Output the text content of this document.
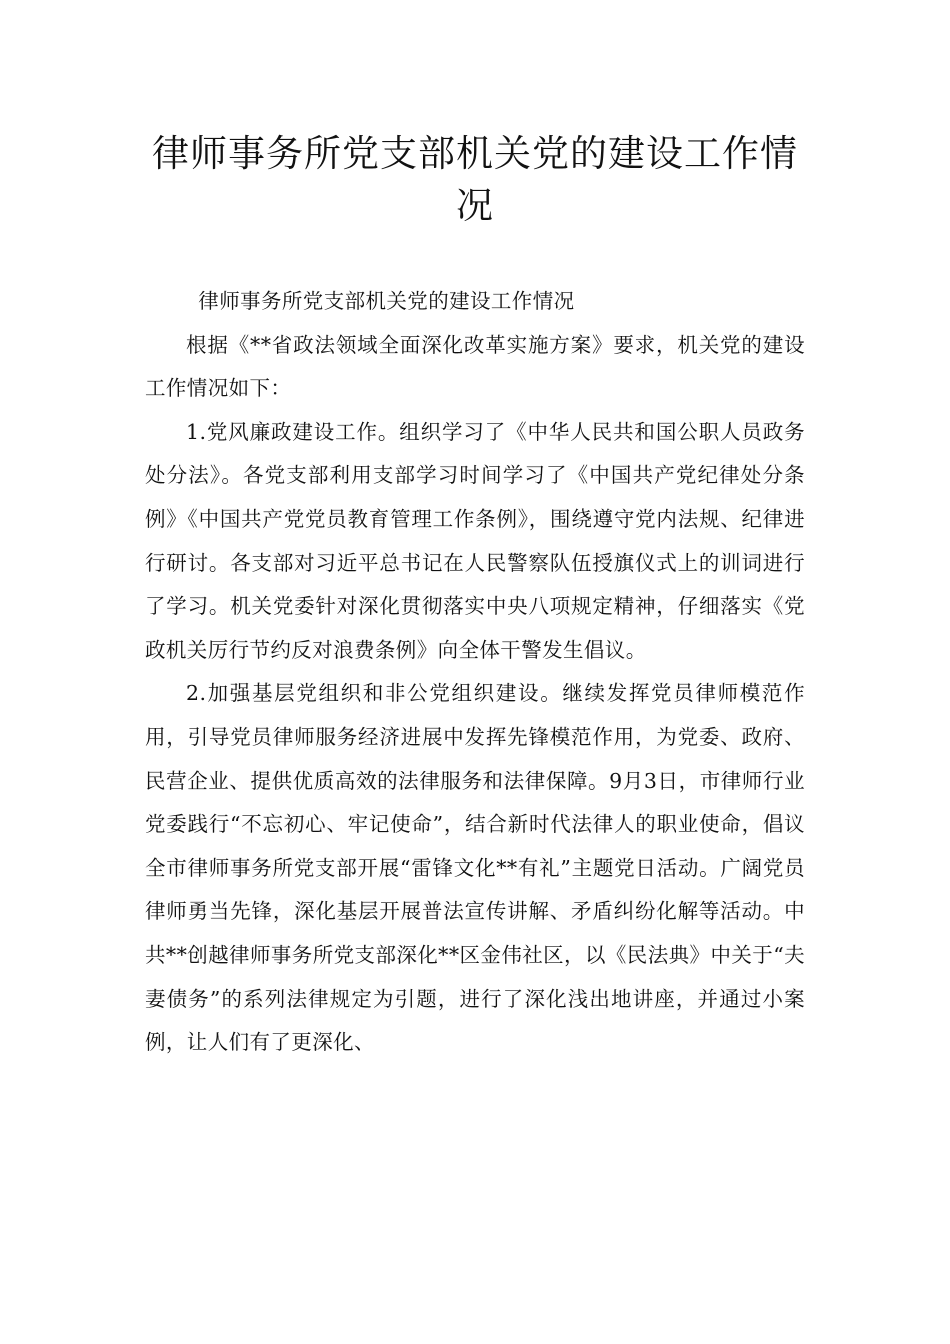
律师事务所党支部机关党的建设工作情况

律师事务所党支部机关党的建设工作情况

根据《**省政法领域全面深化改革实施方案》要求，机关党的建设工作情况如下：

1.党风廉政建设工作。组织学习了《中华人民共和国公职人员政务处分法》。各党支部利用支部学习时间学习了《中国共产党纪律处分条例》《中国共产党党员教育管理工作条例》，围绕遵守党内法规、纪律进行研讨。各支部对习近平总书记在人民警察队伍授旗仪式上的训词进行了学习。机关党委针对深化贯彻落实中央八项规定精神，仔细落实《党政机关厉行节约反对浪费条例》向全体干警发生倡议。

2.加强基层党组织和非公党组织建设。继续发挥党员律师模范作用，引导党员律师服务经济进展中发挥先锋模范作用，为党委、政府、民营企业、提供优质高效的法律服务和法律保障。9月3日，市律师行业党委践行“不忘初心、牢记使命”，结合新时代法律人的职业使命，倡议全市律师事务所党支部开展“雷锋文化**有礼”主题党日活动。广阔党员律师勇当先锋，深化基层开展普法宣传讲解、矛盾纠纷化解等活动。中共**创越律师事务所党支部深化**区金伟社区，以《民法典》中关于“夫妻债务”的系列法律规定为引题，进行了深化浅出地讲座，并通过小案例，让人们有了更深化、
